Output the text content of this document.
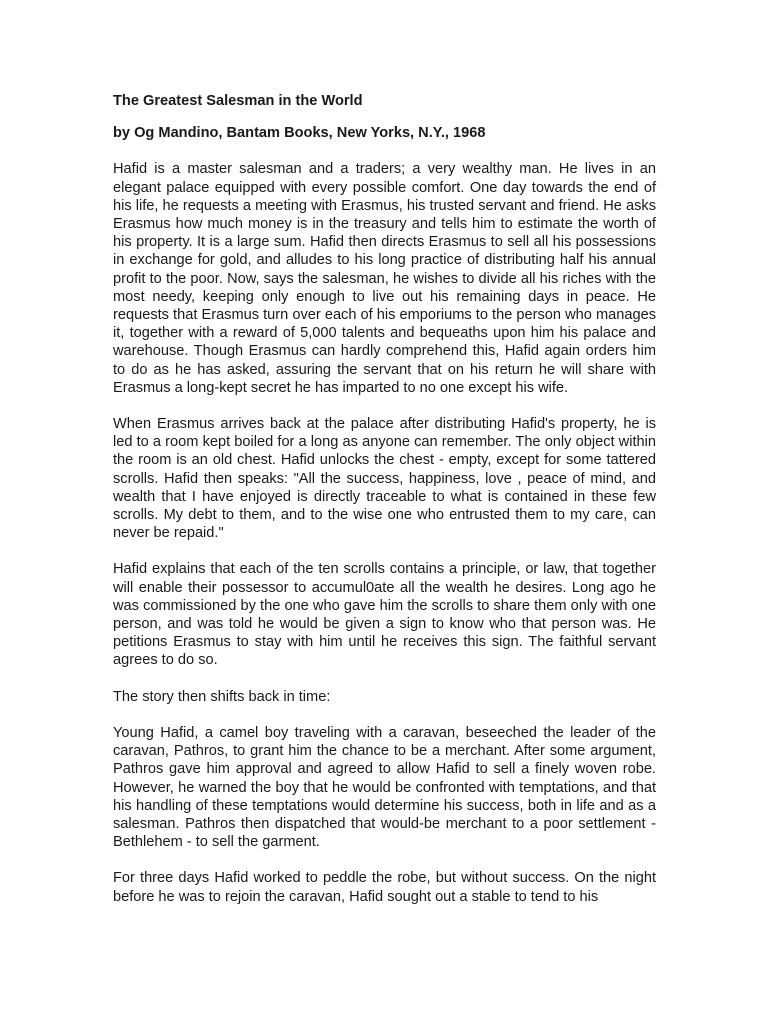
The Greatest Salesman in the World
by Og Mandino, Bantam Books, New Yorks, N.Y., 1968
Hafid is a master salesman and a traders; a very wealthy man. He lives in an elegant palace equipped with every possible comfort. One day towards the end of his life, he requests a meeting with Erasmus, his trusted servant and friend. He asks Erasmus how much money is in the treasury and tells him to estimate the worth of his property. It is a large sum. Hafid then directs Erasmus to sell all his possessions in exchange for gold, and alludes to his long practice of distributing half his annual profit to the poor. Now, says the salesman, he wishes to divide all his riches with the most needy, keeping only enough to live out his remaining days in peace. He requests that Erasmus turn over each of his emporiums to the person who manages it, together with a reward of 5,000 talents and bequeaths upon him his palace and warehouse. Though Erasmus can hardly comprehend this, Hafid again orders him to do as he has asked, assuring the servant that on his return he will share with Erasmus a long-kept secret he has imparted to no one except his wife.
When Erasmus arrives back at the palace after distributing Hafid's property, he is led to a room kept boiled for a long as anyone can remember. The only object within the room is an old chest. Hafid unlocks the chest - empty, except for some tattered scrolls. Hafid then speaks: "All the success, happiness, love , peace of mind, and wealth that I have enjoyed is directly traceable to what is contained in these few scrolls. My debt to them, and to the wise one who entrusted them to my care, can never be repaid."
Hafid explains that each of the ten scrolls contains a principle, or law, that together will enable their possessor to accumul0ate all the wealth he desires. Long ago he was commissioned by the one who gave him the scrolls to share them only with one person, and was told he would be given a sign to know who that person was. He petitions Erasmus to stay with him until he receives this sign. The faithful servant agrees to do so.
The story then shifts back in time:
Young Hafid, a camel boy traveling with a caravan, beseeched the leader of the caravan, Pathros, to grant him the chance to be a merchant. After some argument, Pathros gave him approval and agreed to allow Hafid to sell a finely woven robe. However, he warned the boy that he would be confronted with temptations, and that his handling of these temptations would determine his success, both in life and as a salesman. Pathros then dispatched that would-be merchant to a poor settlement - Bethlehem - to sell the garment.
For three days Hafid worked to peddle the robe, but without success. On the night before he was to rejoin the caravan, Hafid sought out a stable to tend to his
